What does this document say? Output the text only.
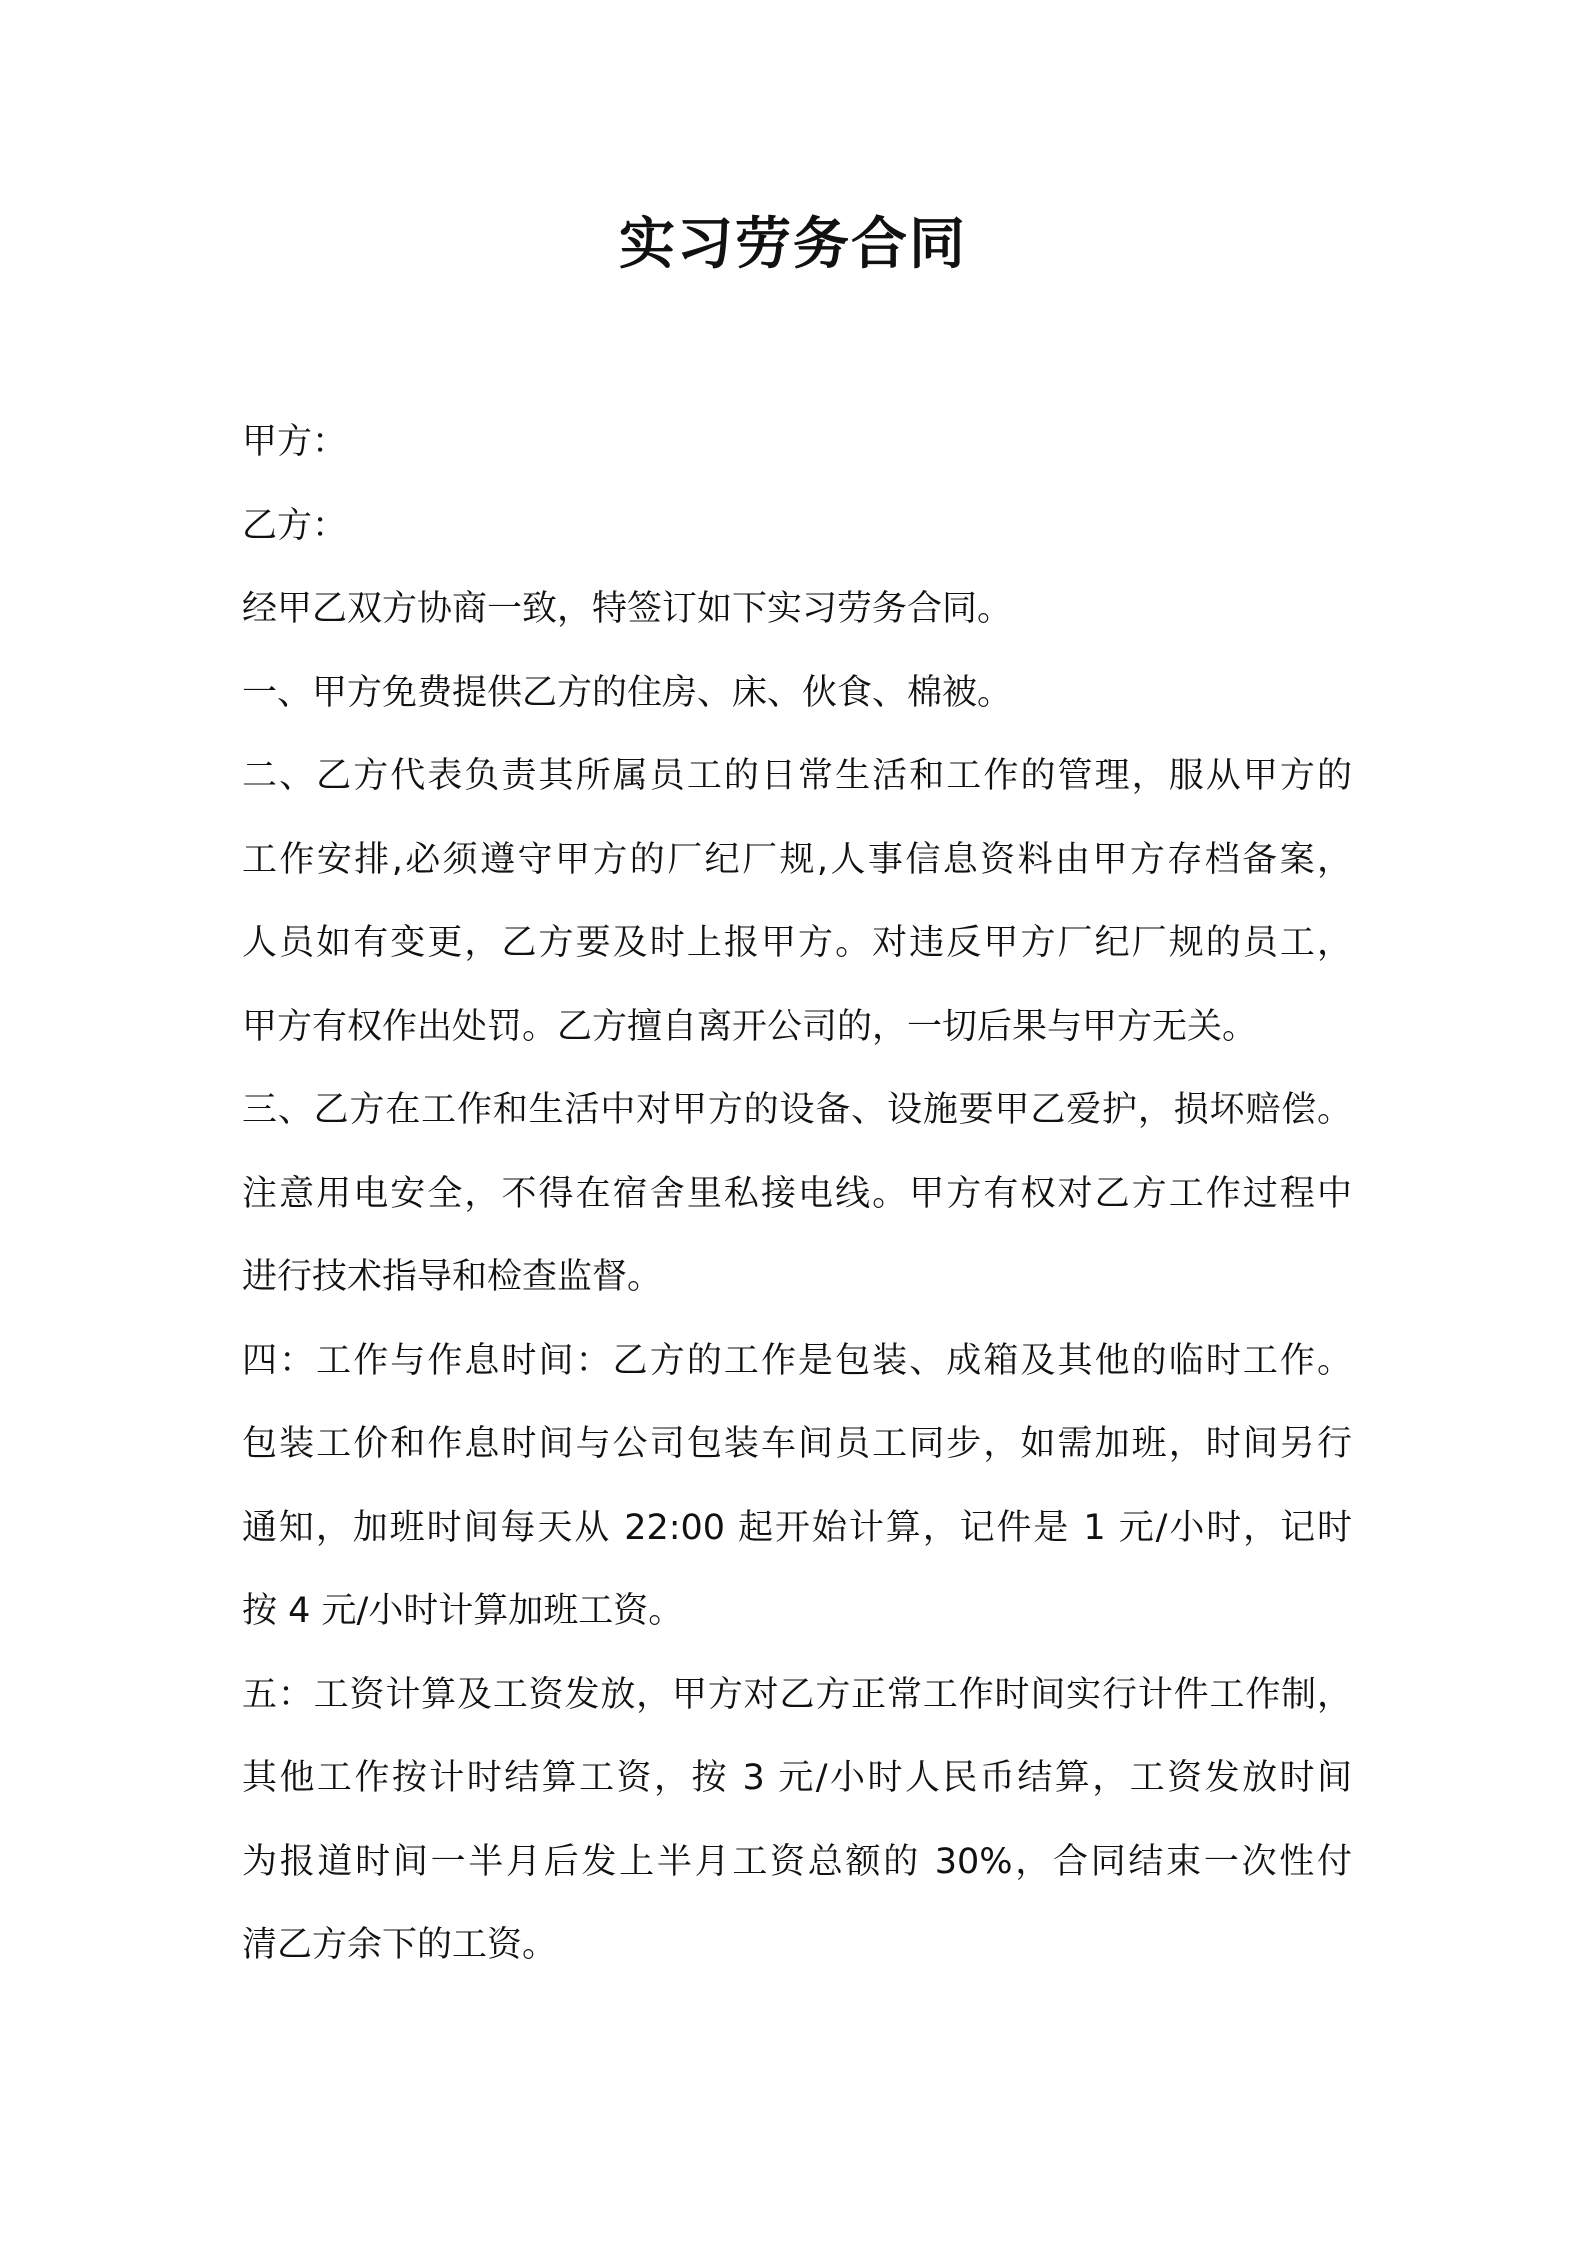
实习劳务合同
甲方：
乙方：
经甲乙双方协商一致，特签订如下实习劳务合同。
一、甲方免费提供乙方的住房、床、伙食、棉被。
二、乙方代表负责其所属员工的日常生活和工作的管理，服从甲方的
工作安排,必须遵守甲方的厂纪厂规,人事信息资料由甲方存档备案，
人员如有变更，乙方要及时上报甲方。对违反甲方厂纪厂规的员工，
甲方有权作出处罚。乙方擅自离开公司的，一切后果与甲方无关。
三、乙方在工作和生活中对甲方的设备、设施要甲乙爱护，损坏赔偿。
注意用电安全，不得在宿舍里私接电线。甲方有权对乙方工作过程中
进行技术指导和检查监督。
四：工作与作息时间：乙方的工作是包装、成箱及其他的临时工作。
包装工价和作息时间与公司包装车间员工同步，如需加班，时间另行
通知，加班时间每天从 22:00 起开始计算，记件是 1 元/小时，记时
按 4 元/小时计算加班工资。
五：工资计算及工资发放，甲方对乙方正常工作时间实行计件工作制，
其他工作按计时结算工资，按 3 元/小时人民币结算，工资发放时间
为报道时间一半月后发上半月工资总额的 30%，合同结束一次性付
清乙方余下的工资。
